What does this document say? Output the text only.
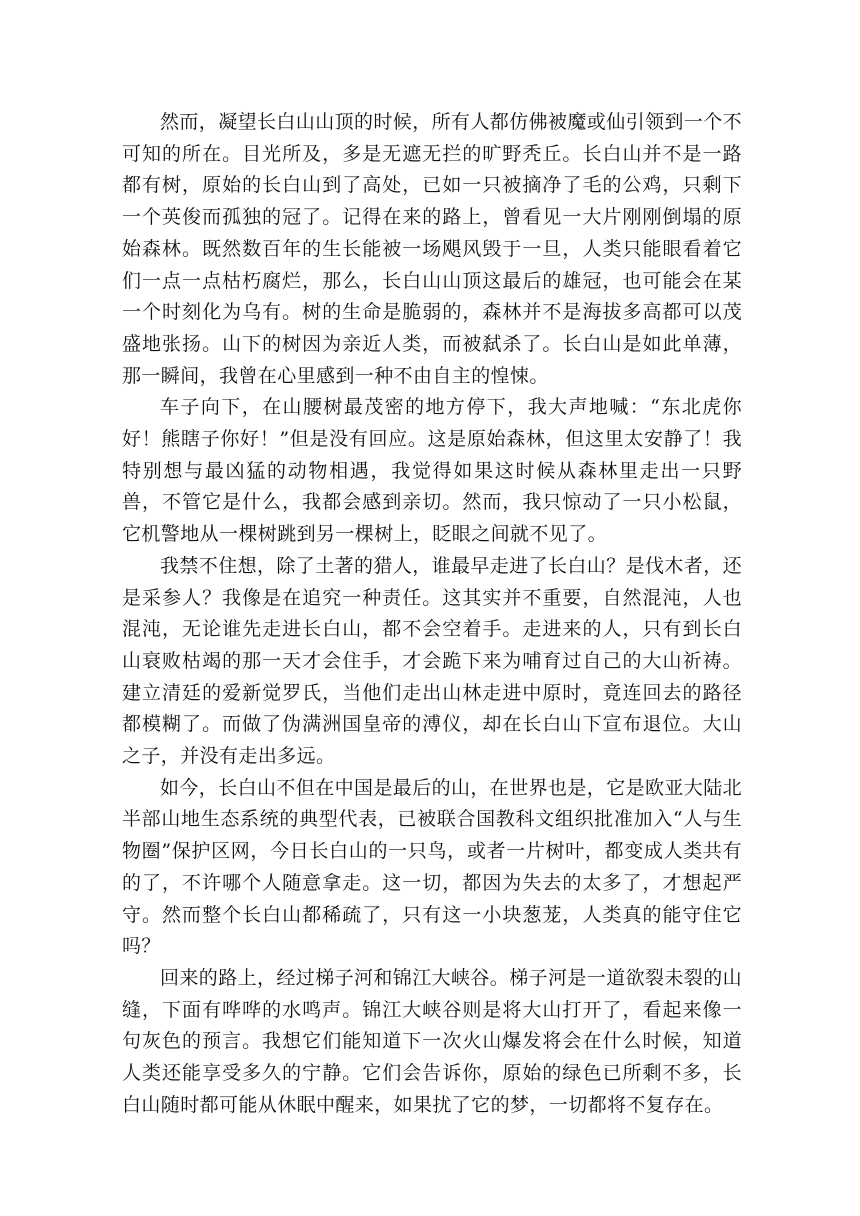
然而，凝望长白山山顶的时候，所有人都仿佛被魔或仙引领到一个不可知的所在。目光所及，多是无遮无拦的旷野秃丘。长白山并不是一路都有树，原始的长白山到了高处，已如一只被摘净了毛的公鸡，只剩下一个英俊而孤独的冠了。记得在来的路上，曾看见一大片刚刚倒塌的原始森林。既然数百年的生长能被一场飓风毁于一旦，人类只能眼看着它们一点一点枯朽腐烂，那么，长白山山顶这最后的雄冠，也可能会在某一个时刻化为乌有。树的生命是脆弱的，森林并不是海拔多高都可以茂盛地张扬。山下的树因为亲近人类，而被弑杀了。长白山是如此单薄，那一瞬间，我曾在心里感到一种不由自主的惶悚。

车子向下，在山腰树最茂密的地方停下，我大声地喊：“东北虎你好！熊瞎子你好！”但是没有回应。这是原始森林，但这里太安静了！我特别想与最凶猛的动物相遇，我觉得如果这时候从森林里走出一只野兽，不管它是什么，我都会感到亲切。然而，我只惊动了一只小松鼠，它机警地从一棵树跳到另一棵树上，眨眼之间就不见了。

我禁不住想，除了土著的猎人，谁最早走进了长白山？是伐木者，还是采参人？我像是在追究一种责任。这其实并不重要，自然混沌，人也混沌，无论谁先走进长白山，都不会空着手。走进来的人，只有到长白山衰败枯竭的那一天才会住手，才会跪下来为哺育过自己的大山祈祷。建立清廷的爱新觉罗氏，当他们走出山林走进中原时，竟连回去的路径都模糊了。而做了伪满洲国皇帝的溥仪，却在长白山下宣布退位。大山之子，并没有走出多远。

如今，长白山不但在中国是最后的山，在世界也是，它是欧亚大陆北半部山地生态系统的典型代表，已被联合国教科文组织批准加入“人与生物圈”保护区网，今日长白山的一只鸟，或者一片树叶，都变成人类共有的了，不许哪个人随意拿走。这一切，都因为失去的太多了，才想起严守。然而整个长白山都稀疏了，只有这一小块葱茏，人类真的能守住它吗？

回来的路上，经过梯子河和锦江大峡谷。梯子河是一道欲裂未裂的山缝，下面有哗哗的水鸣声。锦江大峡谷则是将大山打开了，看起来像一句灰色的预言。我想它们能知道下一次火山爆发将会在什么时候，知道人类还能享受多久的宁静。它们会告诉你，原始的绿色已所剩不多，长白山随时都可能从休眠中醒来，如果扰了它的梦，一切都将不复存在。
